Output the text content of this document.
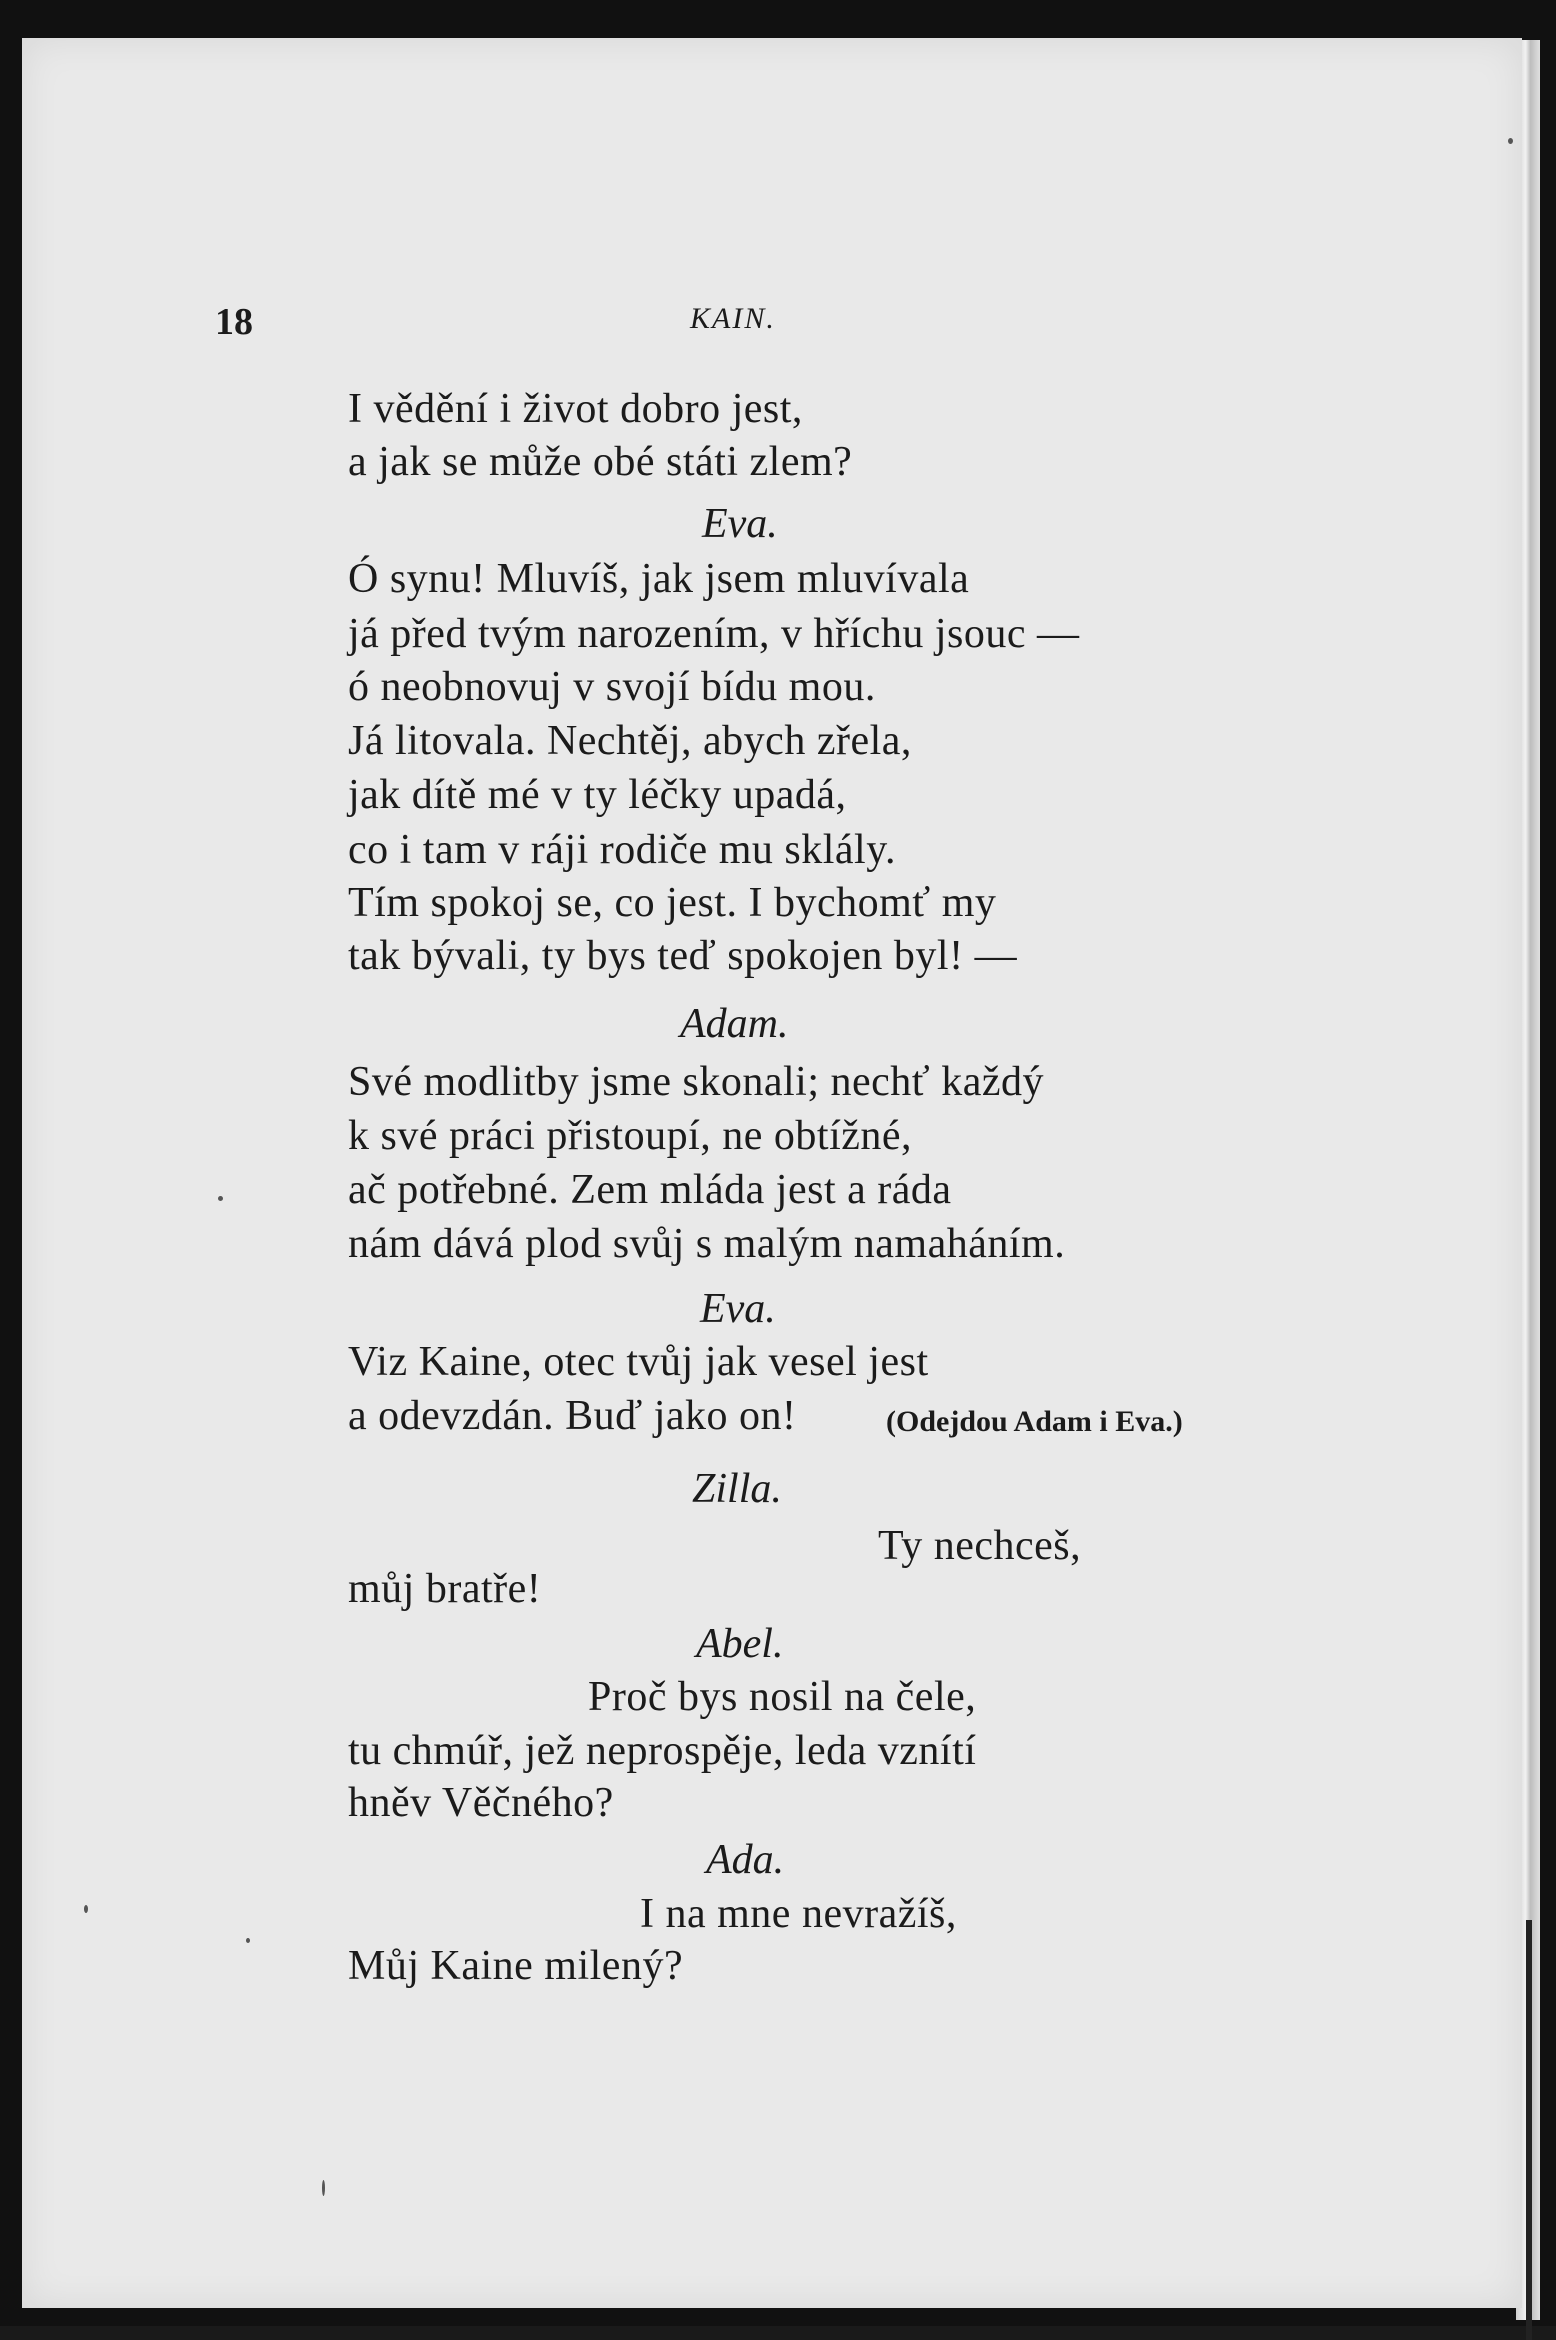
18	KAIN.
I vědění i život dobro jest,
a jak se může obé státi zlem?
Eva.
Ó synu! Mluvíš, jak jsem mluvívala
já před tvým narozením, v hříchu jsouc —
ó neobnovuj v svojí bídu mou.
Já litovala. Nechtěj, abych zřela,
jak dítě mé v ty léčky upadá,
co i tam v ráji rodiče mu sklály.
Tím spokoj se, co jest. I bychomť my
tak bývali, ty bys teď spokojen byl! —
Adam.
Své modlitby jsme skonali; nechť každý
k své práci přistoupí, ne obtížné,
ač potřebné. Zem mláda jest a ráda
nám dává plod svůj s malým namaháním.
Eva.
Viz Kaine, otec tvůj jak vesel jest
a odevzdán. Buď jako on!	(Odejdou Adam i Eva.)
Zilla.
Ty nechceš,
můj bratře!
Abel.
Proč bys nosil na čele,
tu chmúř, jež neprospěje, leda vznítí
hněv Věčného?
Ada.
I na mne nevražíš,
Můj Kaine milený?
